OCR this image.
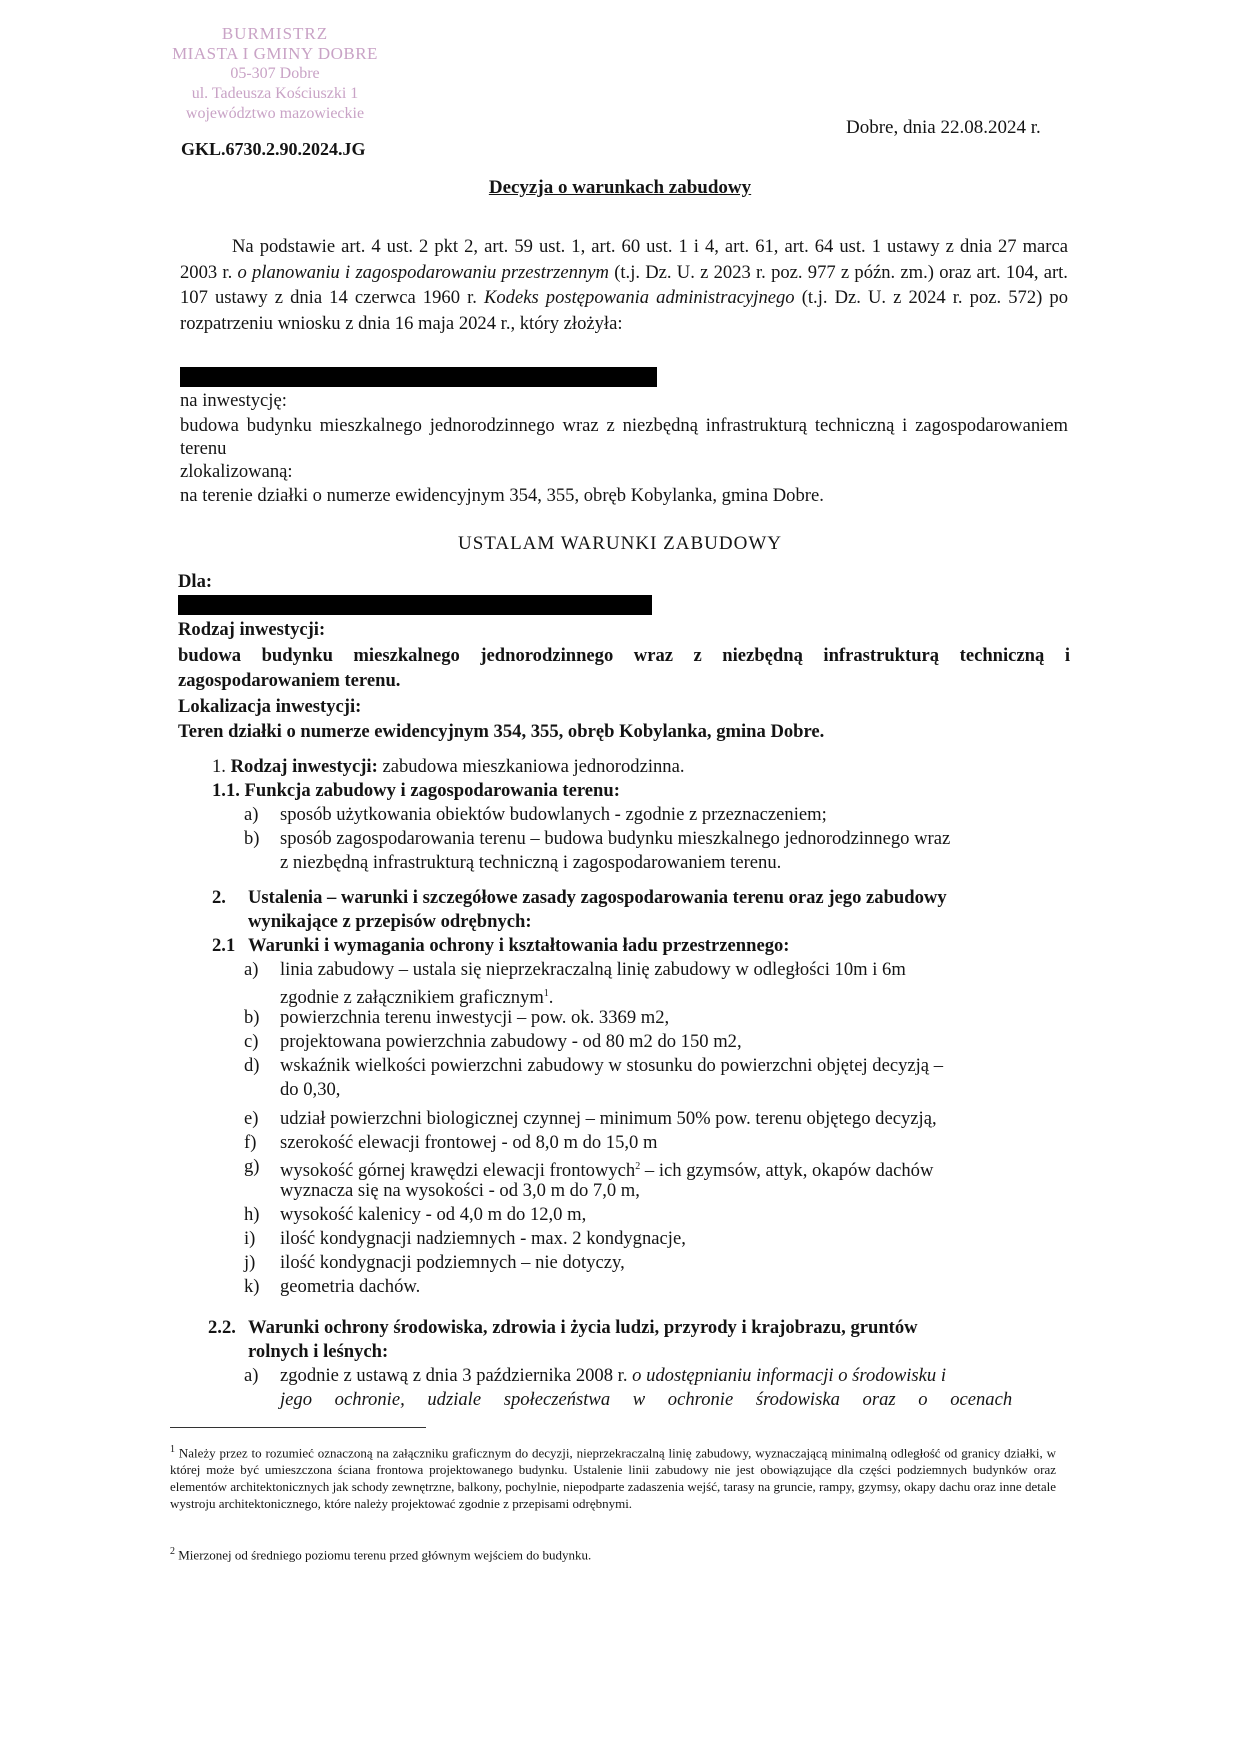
BURMISTRZ
MIASTA I GMINY DOBRE
05-307 Dobre
ul. Tadeusza Kościuszki 1
województwo mazowieckie
Dobre, dnia 22.08.2024 r.
GKL.6730.2.90.2024.JG
Decyzja o warunkach zabudowy
Na podstawie art. 4 ust. 2 pkt 2, art. 59 ust. 1, art. 60 ust. 1 i 4, art. 61, art. 64 ust. 1 ustawy z dnia 27 marca 2003 r. o planowaniu i zagospodarowaniu przestrzennym (t.j. Dz. U. z 2023 r. poz. 977 z późn. zm.) oraz art. 104, art. 107 ustawy z dnia 14 czerwca 1960 r. Kodeks postępowania administracyjnego (t.j. Dz. U. z 2024 r. poz. 572) po rozpatrzeniu wniosku z dnia 16 maja 2024 r., który złożyła:
na inwestycję:
budowa budynku mieszkalnego jednorodzinnego wraz z niezbędną infrastrukturą techniczną i zagospodarowaniem terenu
zlokalizowaną:
na terenie działki o numerze ewidencyjnym 354, 355, obręb Kobylanka, gmina Dobre.
USTALAM WARUNKI ZABUDOWY
Dla:
Rodzaj inwestycji:
budowa budynku mieszkalnego jednorodzinnego wraz z niezbędną infrastrukturą techniczną i zagospodarowaniem terenu.
Lokalizacja inwestycji:
Teren działki o numerze ewidencyjnym 354, 355, obręb Kobylanka, gmina Dobre.
1. Rodzaj inwestycji: zabudowa mieszkaniowa jednorodzinna.
1.1. Funkcja zabudowy i zagospodarowania terenu:
a)	sposób użytkowania obiektów budowlanych - zgodnie z przeznaczeniem;
b)	sposób zagospodarowania terenu – budowa budynku mieszkalnego jednorodzinnego wraz
z niezbędną infrastrukturą techniczną i zagospodarowaniem terenu.
2. Ustalenia – warunki i szczegółowe zasady zagospodarowania terenu oraz jego zabudowy
wynikające z przepisów odrębnych:
2.1 Warunki i wymagania ochrony i kształtowania ładu przestrzennego:
a)	linia zabudowy – ustala się nieprzekraczalną linię zabudowy w odległości 10m i 6m
zgodnie z załącznikiem graficznym$^1$.
b)	powierzchnia terenu inwestycji – pow. ok. 3369 m2,
c)	projektowana powierzchnia zabudowy - od 80 m2 do 150 m2,
d)	wskaźnik wielkości powierzchni zabudowy w stosunku do powierzchni objętej decyzją –
do 0,30,
e)	udział powierzchni biologicznej czynnej – minimum 50% pow. terenu objętego decyzją,
f)	szerokość elewacji frontowej - od 8,0 m do 15,0 m
g)	wysokość górnej krawędzi elewacji frontowych$^2$ – ich gzymsów, attyk, okapów dachów
wyznacza się na wysokości - od 3,0 m do 7,0 m,
h)	wysokość kalenicy - od 4,0 m do 12,0 m,
i)	ilość kondygnacji nadziemnych - max. 2 kondygnacje,
j)	ilość kondygnacji podziemnych – nie dotyczy,
k)	geometria dachów.
2.2. Warunki ochrony środowiska, zdrowia i życia ludzi, przyrody i krajobrazu, gruntów
rolnych i leśnych:
a)	zgodnie z ustawą z dnia 3 października 2008 r. o udostępnianiu informacji o środowisku i
jego ochronie, udziale społeczeństwa w ochronie środowiska oraz o ocenach
$^1$ Należy przez to rozumieć oznaczoną na załączniku graficznym do decyzji, nieprzekraczalną linię zabudowy, wyznaczającą minimalną odległość od granicy działki, w której może być umieszczona ściana frontowa projektowanego budynku. Ustalenie linii zabudowy nie jest obowiązujące dla części podziemnych budynków oraz elementów architektonicznych jak schody zewnętrzne, balkony, pochylnie, niepodparte zadaszenia wejść, tarasy na gruncie, rampy, gzymsy, okapy dachu oraz inne detale wystroju architektonicznego, które należy projektować zgodnie z przepisami odrębnymi.
$^2$ Mierzonej od średniego poziomu terenu przed głównym wejściem do budynku.
